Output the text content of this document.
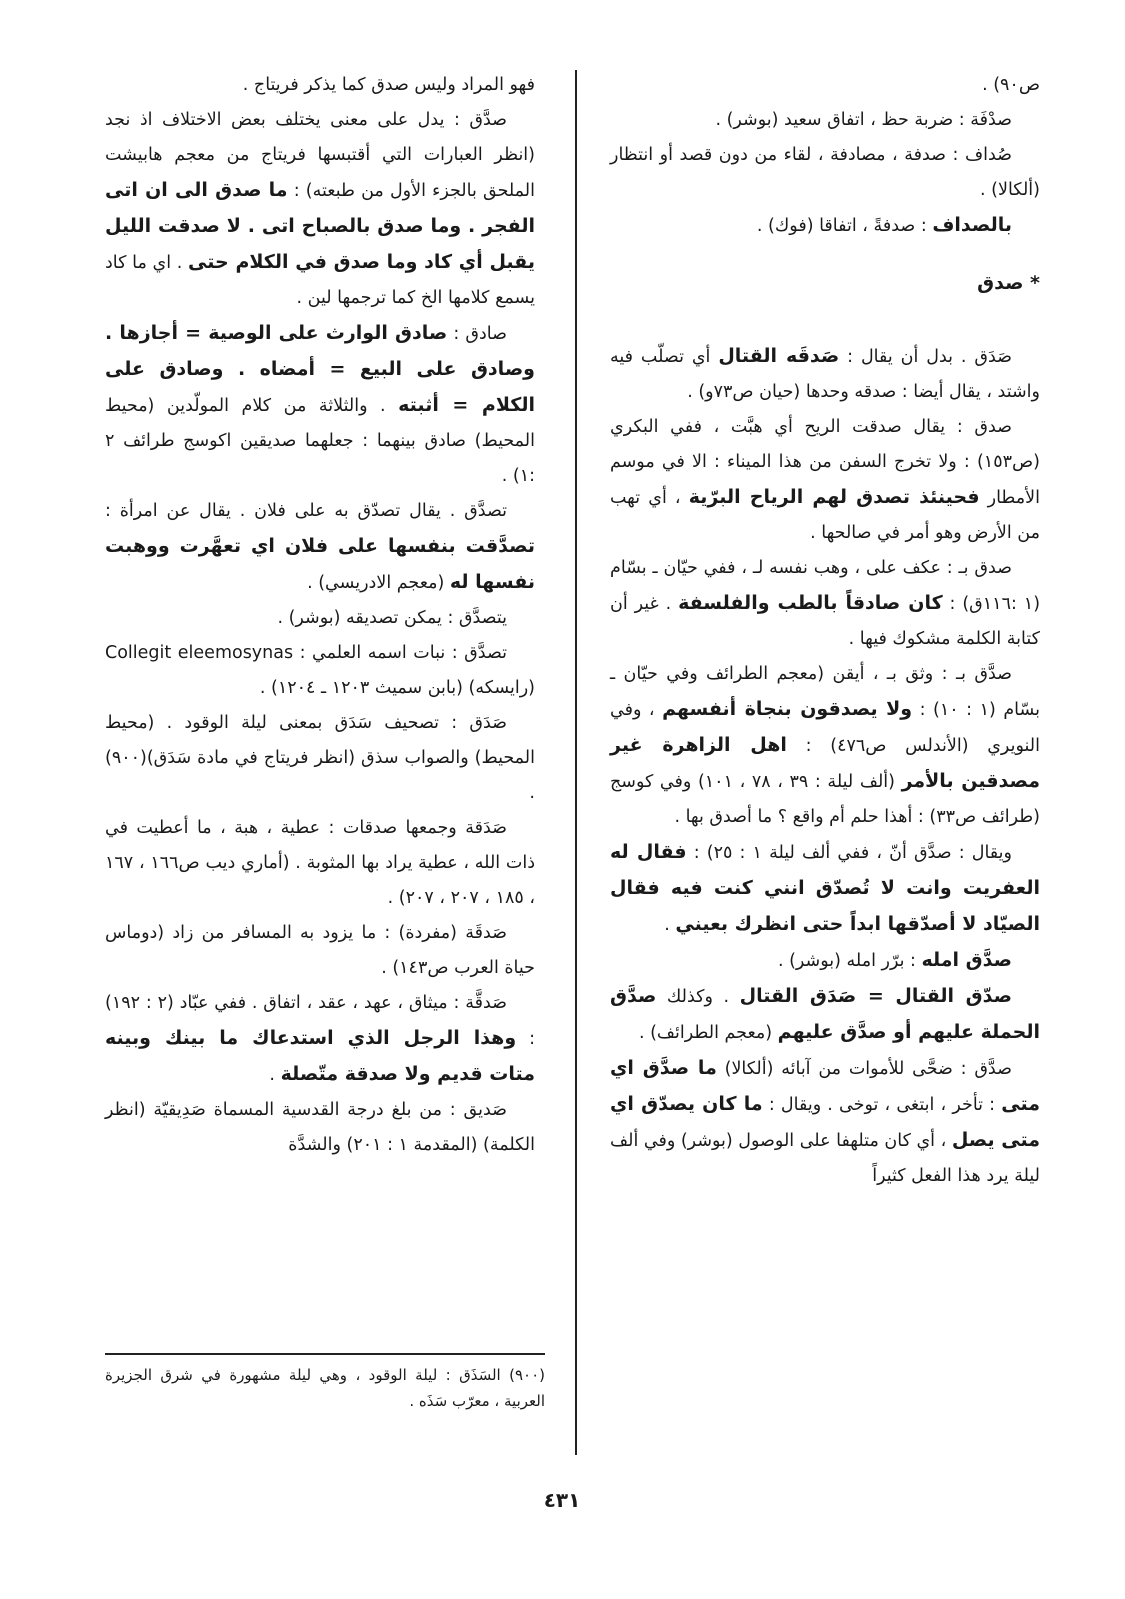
ص٩٠) .

صدْفَة : ضربة حظ ، اتفاق سعيد (بوشر) .

صُداف : صدفة ، مصادفة ، لقاء من دون قصد أو انتظار (ألكالا) .

بالصداف : صدفةً ، اتفاقا (فوك) .

* صدق

صَدَق . بدل أن يقال : صَدقَه القتال أي تصلّب فيه واشتد ، يقال أيضا : صدقه وحدها (حيان ص٧٣و) .

صدق : يقال صدقت الريح أي هبَّت ، ففي البكري (ص١٥٣) : ولا تخرج السفن من هذا الميناء : الا في موسم الأمطار فحينئذ تصدق لهم الرياح البرّية ، أي تهب من الأرض وهو أمر في صالحها .

صدق بـ : عكف على ، وهب نفسه لـ ، ففي حيّان ـ بسّام (١ :١١٦ق) : كان صادقاً بالطب والفلسفة . غير أن كتابة الكلمة مشكوك فيها .

صدَّق بـ : وثق بـ ، أيقن (معجم الطرائف وفي حيّان ـ بسّام (١ : ١٠) : ولا يصدقون بنجاة أنفسهم ، وفي النويري (الأندلس ص٤٧٦) : اهل الزاهرة غير مصدقين بالأمر (ألف ليلة : ٣٩ ، ٧٨ ، ١٠١) وفي كوسج (طرائف ص٣٣) : أهذا حلم أم واقع ؟ ما أصدق بها .

ويقال : صدَّق أنّ ، ففي ألف ليلة ١ : ٢٥) : فقال له العفريت وانت لا تُصدّق انني كنت فيه فقال الصيّاد لا أصدّقها ابداً حتى انظرك بعيني .

صدَّق امله : برّر امله (بوشر) .

صدّق القتال = صَدَق القتال . وكذلك صدَّق الحملة عليهم أو صدَّق عليهم (معجم الطرائف) .

صدَّق : ضحَّى للأموات من آبائه (ألكالا) ما صدَّق اي متى : تأخر ، ابتغى ، توخى . ويقال : ما كان يصدّق اي متى يصل ، أي كان متلهفا على الوصول (بوشر) وفي ألف ليلة يرد هذا الفعل كثيراً

فهو المراد وليس صدق كما يذكر فريتاج .

صدَّق : يدل على معنى يختلف بعض الاختلاف اذ نجد (انظر العبارات التي أقتبسها فريتاج من معجم هابيشت الملحق بالجزء الأول من طبعته) : ما صدق الى ان اتى الفجر . وما صدق بالصباح اتى . لا صدقت الليل يقبل أي كاد وما صدق في الكلام حتى . اي ما كاد يسمع كلامها الخ كما ترجمها لين .

صادق : صادق الوارث على الوصية = أجازها . وصادق على البيع = أمضاه . وصادق على الكلام = أثبته . والثلاثة من كلام المولّدين (محيط المحيط) صادق بينهما : جعلهما صديقين اكوسج طرائف ٢ :١) .

تصدَّق . يقال تصدّق به على فلان . يقال عن امرأة : تصدَّقت بنفسها على فلان اي تعهَّرت ووهبت نفسها له (معجم الادريسي) .

يتصدَّق : يمكن تصديقه (بوشر) .

تصدَّق : نبات اسمه العلمي : Collegit eleemosynas (رايسكه) (بابن سميث ١٢٠٣ ـ ١٢٠٤) .

صَدَق : تصحيف سَدَق بمعنى ليلة الوقود . (محيط المحيط) والصواب سذق (انظر فريتاج في مادة سَدَق)(٩٠٠) .

صَدَقة وجمعها صدقات : عطية ، هبة ، ما أعطيت في ذات الله ، عطية يراد بها المثوبة . (أماري ديب ص١٦٦ ، ١٦٧ ، ١٨٥ ، ٢٠٧ ، ٢٠٧) .

صَدقَة (مفردة) : ما يزود به المسافر من زاد (دوماس حياة العرب ص١٤٣) .

صَدقَّة : ميثاق ، عهد ، عقد ، اتفاق . ففي عبّاد (٢ : ١٩٢) : وهذا الرجل الذي استدعاك ما بينك وبينه متات قديم ولا صدقة متّصلة .

صَديق : من بلغ درجة القدسية المسماة صَدِيقيّة (انظر الكلمة) (المقدمة ١ : ٢٠١) والشدَّة

(٩٠٠) السَذَق : ليلة الوقود ، وهي ليلة مشهورة في شرق الجزيرة العربية ، معرّب سَذَه .
٤٣١
